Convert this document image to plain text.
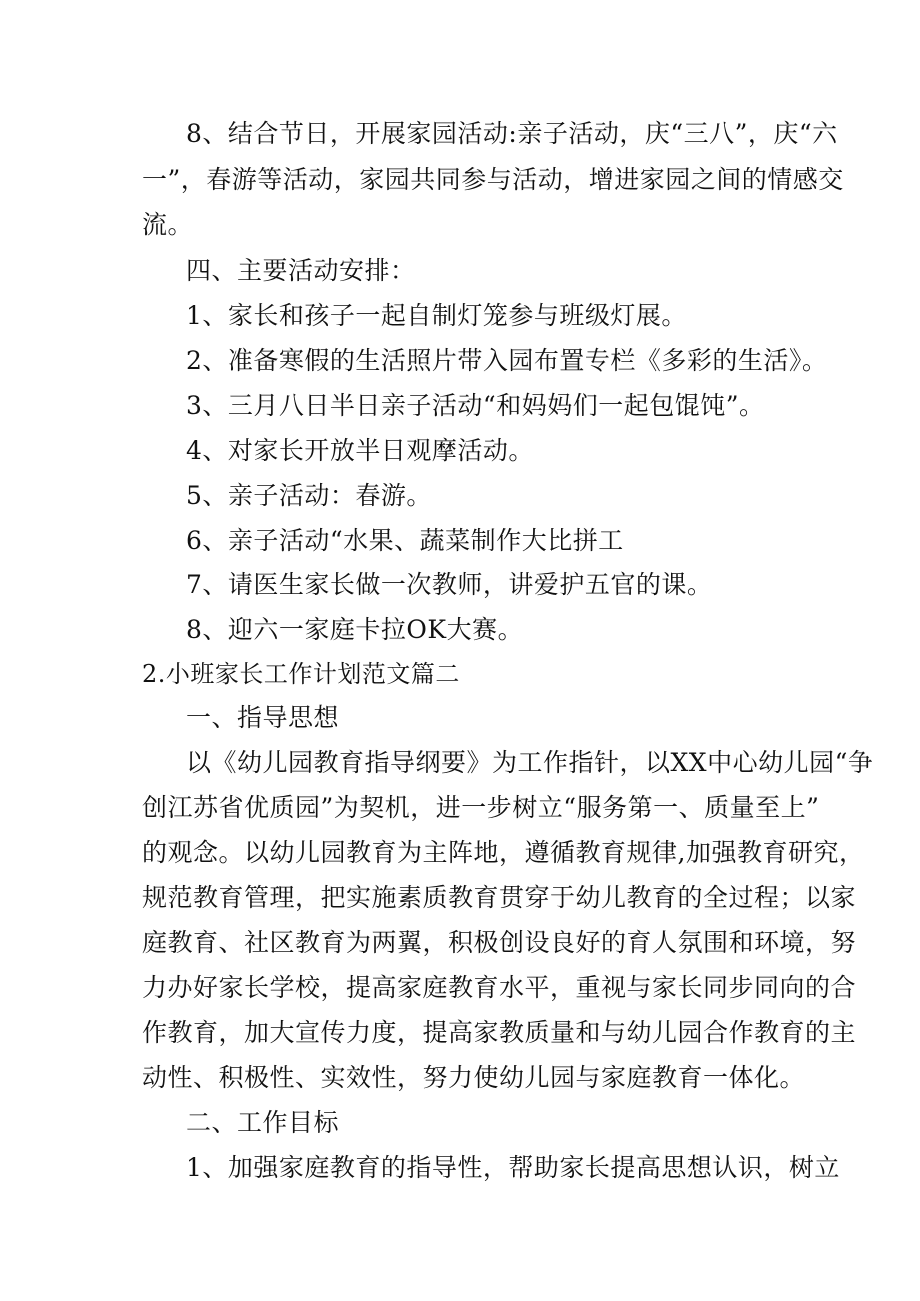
8、结合节日，开展家园活动:亲子活动，庆“三八”，庆“六
一”，春游等活动，家园共同参与活动，增进家园之间的情感交
流。
四、主要活动安排：
1、家长和孩子一起自制灯笼参与班级灯展。
2、准备寒假的生活照片带入园布置专栏《多彩的生活》。
3、三月八日半日亲子活动“和妈妈们一起包馄饨”。
4、对家长开放半日观摩活动。
5、亲子活动：春游。
6、亲子活动“水果、蔬菜制作大比拼工
7、请医生家长做一次教师，讲爱护五官的课。
8、迎六一家庭卡拉OK大赛。
2.小班家长工作计划范文篇二
一、指导思想
以《幼儿园教育指导纲要》为工作指针，以XX中心幼儿园“争
创江苏省优质园”为契机，进一步树立“服务第一、质量至上”
的观念。以幼儿园教育为主阵地，遵循教育规律,加强教育研究，
规范教育管理，把实施素质教育贯穿于幼儿教育的全过程；以家
庭教育、社区教育为两翼，积极创设良好的育人氛围和环境，努
力办好家长学校，提高家庭教育水平，重视与家长同步同向的合
作教育，加大宣传力度，提高家教质量和与幼儿园合作教育的主
动性、积极性、实效性，努力使幼儿园与家庭教育一体化。
二、工作目标
1、加强家庭教育的指导性，帮助家长提高思想认识，树立
